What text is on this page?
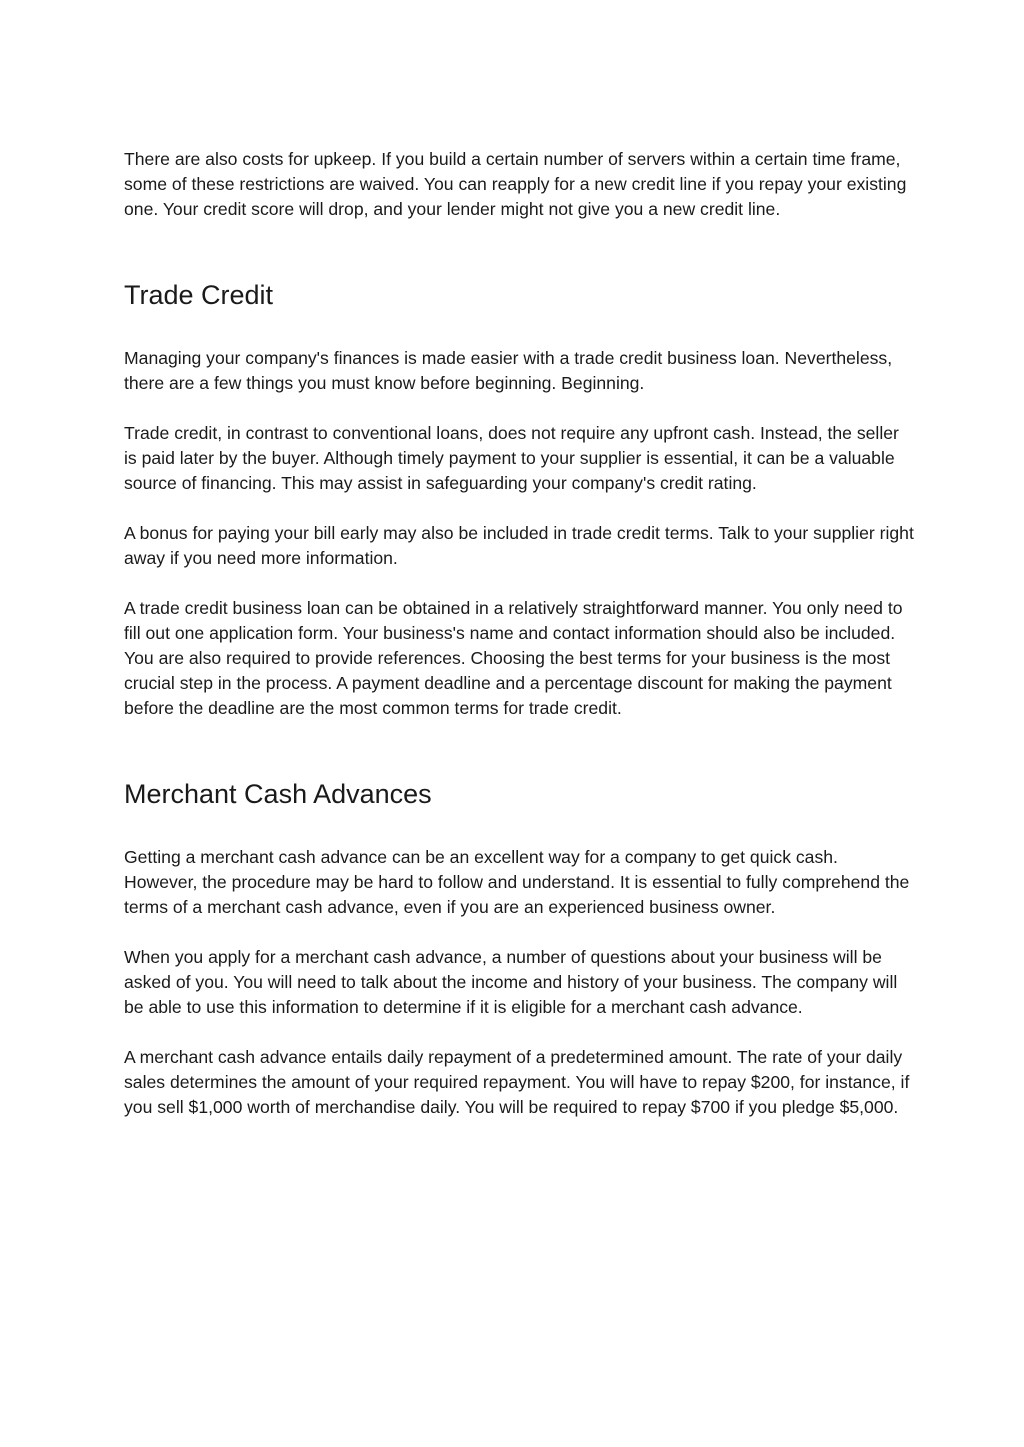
There are also costs for upkeep. If you build a certain number of servers within a certain time frame, some of these restrictions are waived. You can reapply for a new credit line if you repay your existing one. Your credit score will drop, and your lender might not give you a new credit line.

Trade Credit

Managing your company's finances is made easier with a trade credit business loan. Nevertheless, there are a few things you must know before beginning. Beginning.

Trade credit, in contrast to conventional loans, does not require any upfront cash. Instead, the seller is paid later by the buyer. Although timely payment to your supplier is essential, it can be a valuable source of financing. This may assist in safeguarding your company's credit rating.

A bonus for paying your bill early may also be included in trade credit terms. Talk to your supplier right away if you need more information.

A trade credit business loan can be obtained in a relatively straightforward manner. You only need to fill out one application form. Your business's name and contact information should also be included. You are also required to provide references. Choosing the best terms for your business is the most crucial step in the process. A payment deadline and a percentage discount for making the payment before the deadline are the most common terms for trade credit.

Merchant Cash Advances

Getting a merchant cash advance can be an excellent way for a company to get quick cash. However, the procedure may be hard to follow and understand. It is essential to fully comprehend the terms of a merchant cash advance, even if you are an experienced business owner.

When you apply for a merchant cash advance, a number of questions about your business will be asked of you. You will need to talk about the income and history of your business. The company will be able to use this information to determine if it is eligible for a merchant cash advance.

A merchant cash advance entails daily repayment of a predetermined amount. The rate of your daily sales determines the amount of your required repayment. You will have to repay $200, for instance, if you sell $1,000 worth of merchandise daily. You will be required to repay $700 if you pledge $5,000.
